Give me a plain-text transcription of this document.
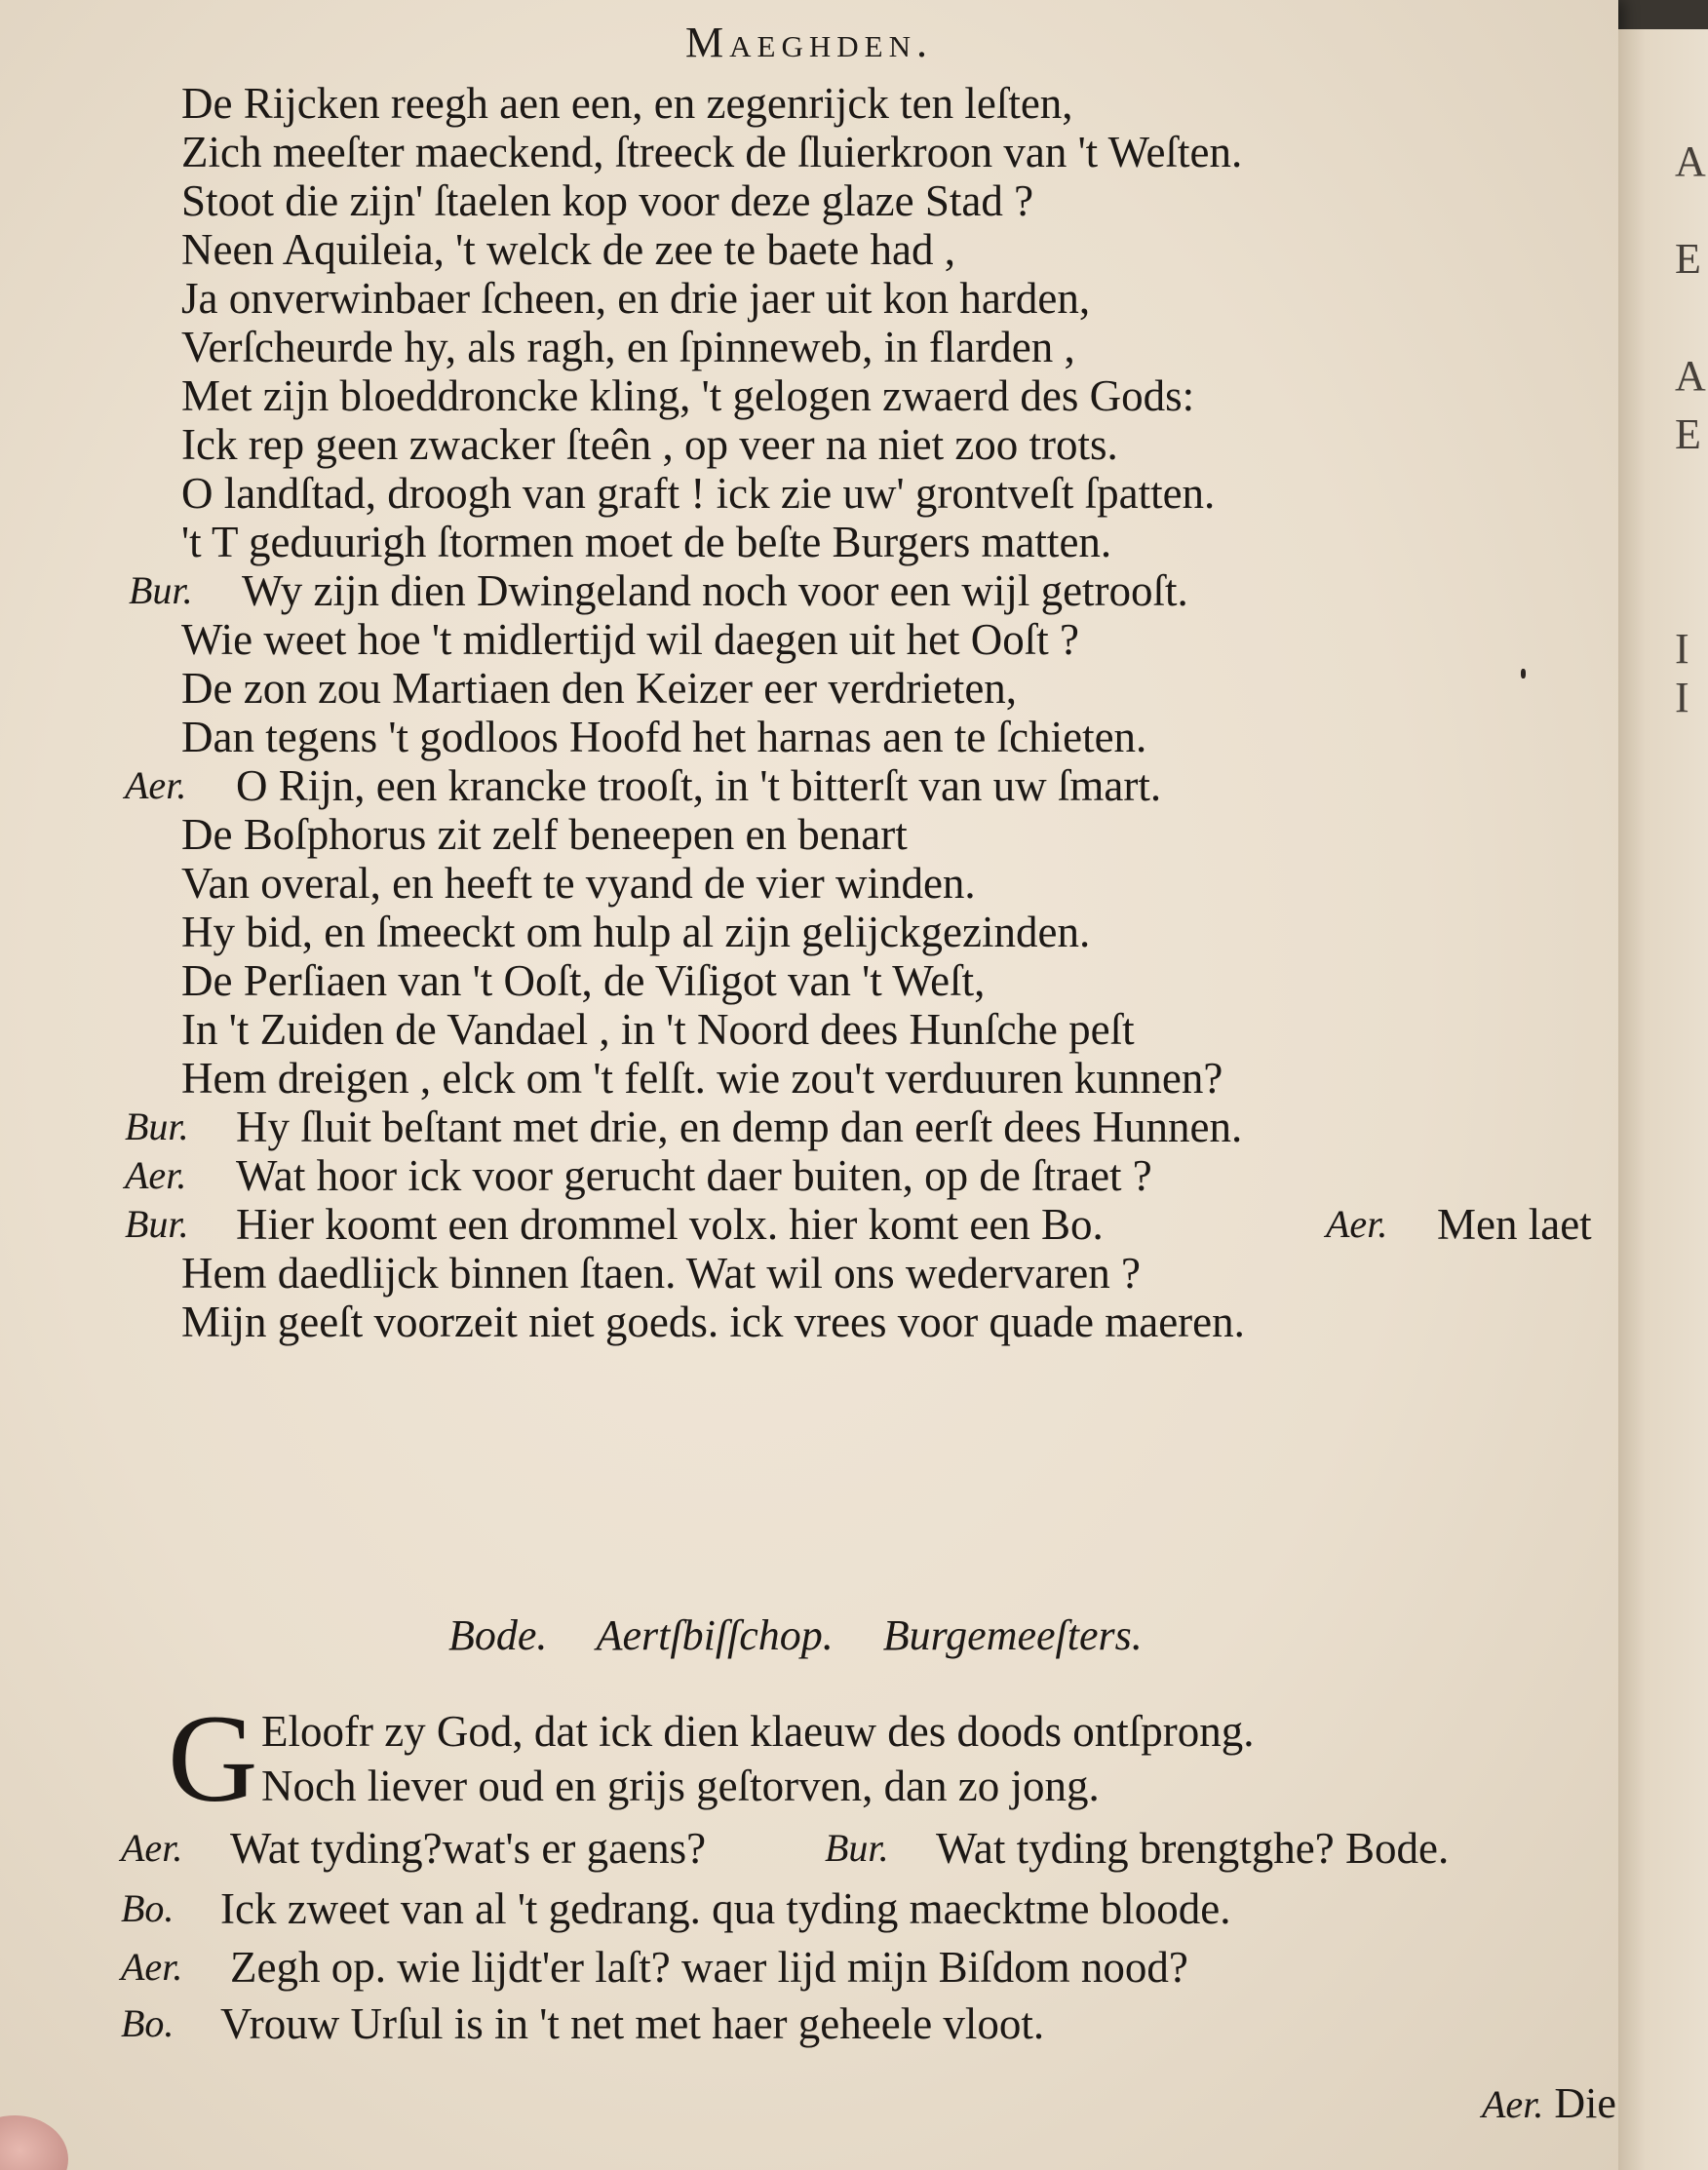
Maeghden.
De Rijcken reegh aen een, en zegenrijck ten leſten,
Zich meeſter maeckend, ſtreeck de ſluierkroon van 't Weſten.
Stoot die zijn' ſtaelen kop voor deze glaze Stad ?
Neen Aquileia, 't welck de zee te baete had ,
Ja onverwinbaer ſcheen, en drie jaer uit kon harden,
Verſcheurde hy, als ragh, en ſpinneweb, in flarden ,
Met zijn bloeddroncke kling, 't gelogen zwaerd des Gods:
Ick rep geen zwacker ſteên , op veer na niet zoo trots.
O landſtad, droogh van graft ! ick zie uw' grontveſt ſpatten.
't T geduurigh ſtormen moet de beſte Burgers matten.
Bur. Wy zijn dien Dwingeland noch voor een wijl getrooſt.
Wie weet hoe 't midlertijd wil daegen uit het Ooſt ?
De zon zou Martiaen den Keizer eer verdrieten,
Dan tegens 't godloos Hoofd het harnas aen te ſchieten.
Aer. O Rijn, een krancke trooſt, in 't bitterſt van uw ſmart.
De Boſphorus zit zelf beneepen en benart
Van overal, en heeft te vyand de vier winden.
Hy bid, en ſmeeckt om hulp al zijn gelijckgezinden.
De Perſiaen van 't Ooſt, de Viſigot van 't Weſt,
In 't Zuiden de Vandael , in 't Noord dees Hunſche peſt
Hem dreigen , elck om 't felſt. wie zou't verduuren kunnen?
Bur. Hy ſluit beſtant met drie, en demp dan eerſt dees Hunnen.
Aer. Wat hoor ick voor gerucht daer buiten, op de ſtraet ?
Bur. Hier koomt een drommel volx. hier komt een Bo.	Aer. Men laet
Hem daedlijck binnen ſtaen. Wat wil ons wedervaren ?
Mijn geeſt voorzeit niet goeds. ick vrees voor quade maeren.
Bode. Aertſbiſſchop. Burgemeeſters.
G Eloofr zy God, dat ick dien klaeuw des doods ontſprong.
Noch liever oud en grijs geſtorven, dan zo jong.
Aer. Wat tyding?wat's er gaens?	Bur. Wat tyding brengtghe? Bode.
Bo. Ick zweet van al 't gedrang. qua tyding maecktme bloode.
Aer. Zegh op. wie lijdt'er laſt? waer lijd mijn Biſdom nood?
Bo. Vrouw Urſul is in 't net met haer geheele vloot.
Aer. Die
A
E
A
E
I
I
